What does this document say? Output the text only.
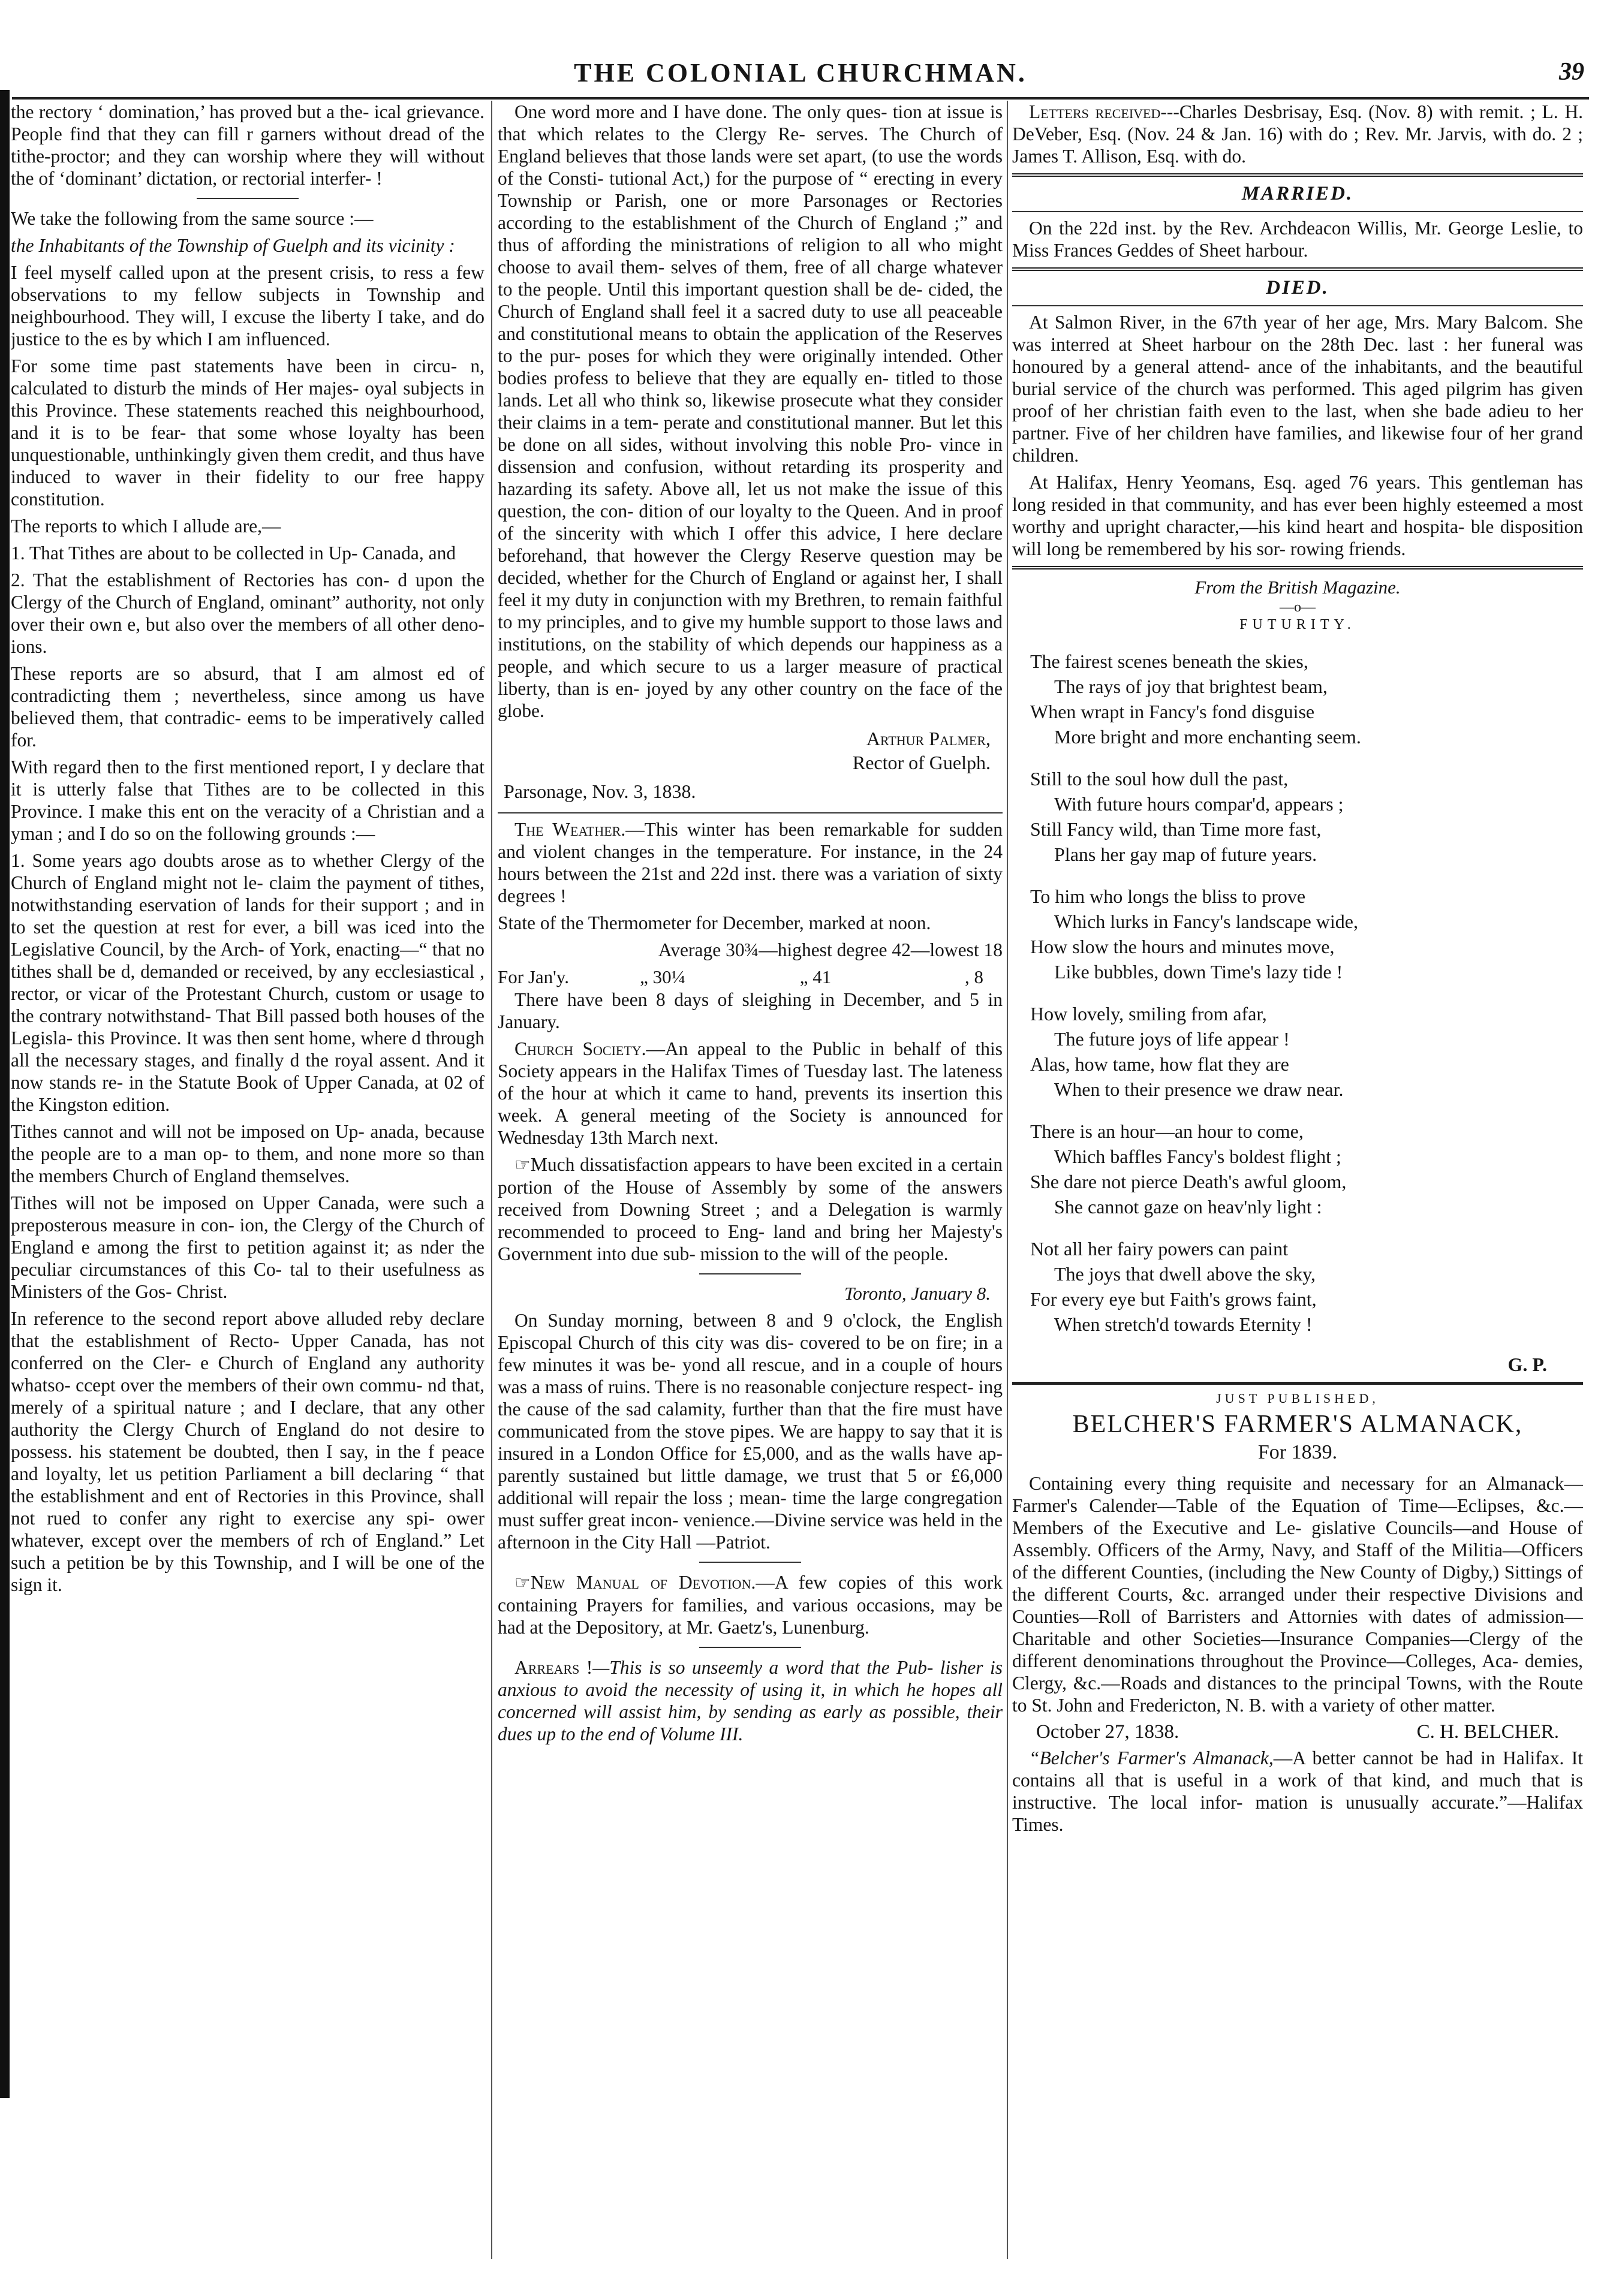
THE COLONIAL CHURCHMAN.	39

the rectory ‘ domination,’ has proved but a the- ical grievance. People find that they can fill r garners without dread of the tithe-proctor; and they can worship where they will without the of ‘dominant’ dictation, or rectorial interfer- !

We take the following from the same source :—

the Inhabitants of the Township of Guelph and its vicinity :

I feel myself called upon at the present crisis, to ress a few observations to my fellow subjects in Township and neighbourhood. They will, I excuse the liberty I take, and do justice to the es by which I am influenced.

For some time past statements have been in circu- n, calculated to disturb the minds of Her majes- oyal subjects in this Province. These statements reached this neighbourhood, and it is to be fear- that some whose loyalty has been unquestionable, unthinkingly given them credit, and thus have induced to waver in their fidelity to our free happy constitution.

The reports to which I allude are,—

1. That Tithes are about to be collected in Up- Canada, and

2. That the establishment of Rectories has con- d upon the Clergy of the Church of England, ominant” authority, not only over their own e, but also over the members of all other deno- ions.

These reports are so absurd, that I am almost ed of contradicting them ; nevertheless, since among us have believed them, that contradic- eems to be imperatively called for.

With regard then to the first mentioned report, I y declare that it is utterly false that Tithes are to be collected in this Province. I make this ent on the veracity of a Christian and a yman ; and I do so on the following grounds :—

1. Some years ago doubts arose as to whether Clergy of the Church of England might not le- claim the payment of tithes, notwithstanding eservation of lands for their support ; and in to set the question at rest for ever, a bill was iced into the Legislative Council, by the Arch- of York, enacting—“ that no tithes shall be d, demanded or received, by any ecclesiastical , rector, or vicar of the Protestant Church, custom or usage to the contrary notwithstand- That Bill passed both houses of the Legisla- this Province. It was then sent home, where d through all the necessary stages, and finally d the royal assent. And it now stands re- in the Statute Book of Upper Canada, at 02 of the Kingston edition.

Tithes cannot and will not be imposed on Up- anada, because the people are to a man op- to them, and none more so than the members Church of England themselves.

Tithes will not be imposed on Upper Canada, were such a preposterous measure in con- ion, the Clergy of the Church of England e among the first to petition against it; as nder the peculiar circumstances of this Co- tal to their usefulness as Ministers of the Gos- Christ.

In reference to the second report above alluded reby declare that the establishment of Recto- Upper Canada, has not conferred on the Cler- e Church of England any authority whatso- ccept over the members of their own commu- nd that, merely of a spiritual nature ; and I declare, that any other authority the Clergy Church of England do not desire to possess. his statement be doubted, then I say, in the f peace and loyalty, let us petition Parliament a bill declaring “ that the establishment and ent of Rectories in this Province, shall not rued to confer any right to exercise any spi- ower whatever, except over the members of rch of England.” Let such a petition be by this Township, and I will be one of the sign it.

One word more and I have done. The only ques- tion at issue is that which relates to the Clergy Re- serves. The Church of England believes that those lands were set apart, (to use the words of the Consti- tutional Act,) for the purpose of “ erecting in every Township or Parish, one or more Parsonages or Rectories according to the establishment of the Church of England ;” and thus of affording the ministrations of religion to all who might choose to avail them- selves of them, free of all charge whatever to the people. Until this important question shall be de- cided, the Church of England shall feel it a sacred duty to use all peaceable and constitutional means to obtain the application of the Reserves to the pur- poses for which they were originally intended. Other bodies profess to believe that they are equally en- titled to those lands. Let all who think so, likewise prosecute what they consider their claims in a tem- perate and constitutional manner. But let this be done on all sides, without involving this noble Pro- vince in dissension and confusion, without retarding its prosperity and hazarding its safety. Above all, let us not make the issue of this question, the con- dition of our loyalty to the Queen. And in proof of the sincerity with which I offer this advice, I here declare beforehand, that however the Clergy Reserve question may be decided, whether for the Church of England or against her, I shall feel it my duty in conjunction with my Brethren, to remain faithful to my principles, and to give my humble support to those laws and institutions, on the stability of which depends our happiness as a people, and which secure to us a larger measure of practical liberty, than is en- joyed by any other country on the face of the globe.

Arthur Palmer,

Rector of Guelph.

Parsonage, Nov. 3, 1838.

The Weather.—This winter has been remarkable for sudden and violent changes in the temperature. For instance, in the 24 hours between the 21st and 22d inst. there was a variation of sixty degrees !

State of the Thermometer for December, marked at noon.

Average 30¾—highest degree 42—lowest 18

For Jan'y.	„ 30¼	„ 41	, 8

There have been 8 days of sleighing in December, and 5 in January.

Church Society.—An appeal to the Public in behalf of this Society appears in the Halifax Times of Tuesday last. The lateness of the hour at which it came to hand, prevents its insertion this week. A general meeting of the Society is announced for Wednesday 13th March next.

☞Much dissatisfaction appears to have been excited in a certain portion of the House of Assembly by some of the answers received from Downing Street ; and a Delegation is warmly recommended to proceed to Eng- land and bring her Majesty's Government into due sub- mission to the will of the people.

Toronto, January 8.

On Sunday morning, between 8 and 9 o'clock, the English Episcopal Church of this city was dis- covered to be on fire; in a few minutes it was be- yond all rescue, and in a couple of hours was a mass of ruins. There is no reasonable conjecture respect- ing the cause of the sad calamity, further than that the fire must have communicated from the stove pipes. We are happy to say that it is insured in a London Office for £5,000, and as the walls have ap- parently sustained but little damage, we trust that 5 or £6,000 additional will repair the loss ; mean- time the large congregation must suffer great incon- venience.—Divine service was held in the afternoon in the City Hall —Patriot.

☞New Manual of Devotion.—A few copies of this work containing Prayers for families, and various occasions, may be had at the Depository, at Mr. Gaetz's, Lunenburg.

Arrears !—This is so unseemly a word that the Pub- lisher is anxious to avoid the necessity of using it, in which he hopes all concerned will assist him, by sending as early as possible, their dues up to the end of Volume III.

Letters received---Charles Desbrisay, Esq. (Nov. 8) with remit. ; L. H. DeVeber, Esq. (Nov. 24 & Jan. 16) with do ; Rev. Mr. Jarvis, with do. 2 ; James T. Allison, Esq. with do.

MARRIED.

On the 22d inst. by the Rev. Archdeacon Willis, Mr. George Leslie, to Miss Frances Geddes of Sheet harbour.

DIED.

At Salmon River, in the 67th year of her age, Mrs. Mary Balcom. She was interred at Sheet harbour on the 28th Dec. last : her funeral was honoured by a general attend- ance of the inhabitants, and the beautiful burial service of the church was performed. This aged pilgrim has given proof of her christian faith even to the last, when she bade adieu to her partner. Five of her children have families, and likewise four of her grand children.

At Halifax, Henry Yeomans, Esq. aged 76 years. This gentleman has long resided in that community, and has ever been highly esteemed a most worthy and upright character,—his kind heart and hospita- ble disposition will long be remembered by his sor- rowing friends.

From the British Magazine.
—o—
FUTURITY.
The fairest scenes beneath the skies,
The rays of joy that brightest beam,
When wrapt in Fancy's fond disguise
More bright and more enchanting seem.
Still to the soul how dull the past,
With future hours compar'd, appears ;
Still Fancy wild, than Time more fast,
Plans her gay map of future years.
To him who longs the bliss to prove
Which lurks in Fancy's landscape wide,
How slow the hours and minutes move,
Like bubbles, down Time's lazy tide !
How lovely, smiling from afar,
The future joys of life appear !
Alas, how tame, how flat they are
When to their presence we draw near.
There is an hour—an hour to come,
Which baffles Fancy's boldest flight ;
She dare not pierce Death's awful gloom,
She cannot gaze on heav'nly light :
Not all her fairy powers can paint
The joys that dwell above the sky,
For every eye but Faith's grows faint,
When stretch'd towards Eternity !
G. P.
JUST PUBLISHED,
BELCHER'S FARMER'S ALMANACK,
For 1839.

Containing every thing requisite and necessary for an Almanack—Farmer's Calender—Table of the Equation of Time—Eclipses, &c.—Members of the Executive and Le- gislative Councils—and House of Assembly. Officers of the Army, Navy, and Staff of the Militia—Officers of the different Counties, (including the New County of Digby,) Sittings of the different Courts, &c. arranged under their respective Divisions and Counties—Roll of Barristers and Attornies with dates of admission—Charitable and other Societies—Insurance Companies—Clergy of the different denominations throughout the Province—Colleges, Aca- demies, Clergy, &c.—Roads and distances to the principal Towns, with the Route to St. John and Fredericton, N. B. with a variety of other matter.

October 27, 1838.	C. H. BELCHER.

“Belcher's Farmer's Almanack,—A better cannot be had in Halifax. It contains all that is useful in a work of that kind, and much that is instructive. The local infor- mation is unusually accurate.”—Halifax Times.
